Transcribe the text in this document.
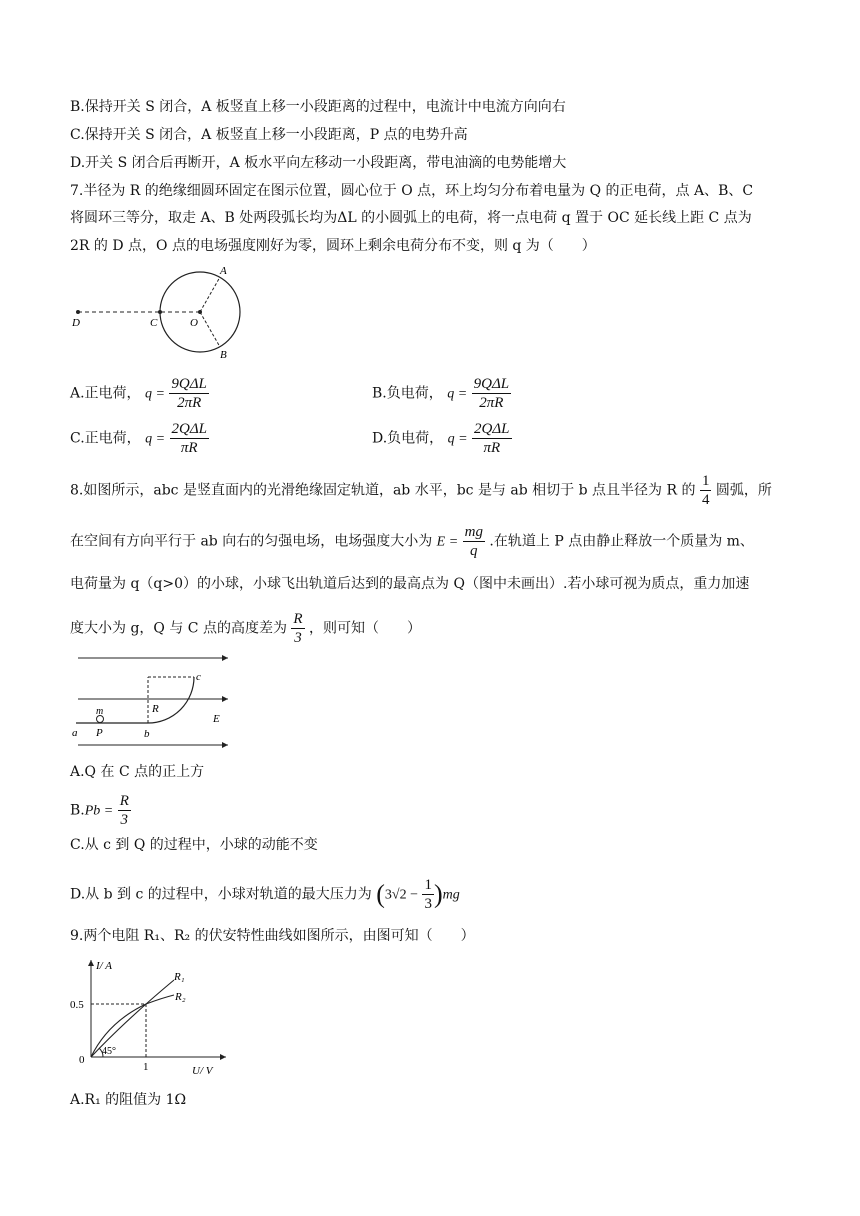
B.保持开关 S 闭合，A 板竖直上移一小段距离的过程中，电流计中电流方向向右
C.保持开关 S 闭合，A 板竖直上移一小段距离，P 点的电势升高
D.开关 S 闭合后再断开，A 板水平向左移动一小段距离，带电油滴的电势能增大
7.半径为 R 的绝缘细圆环固定在图示位置，圆心位于 O 点，环上均匀分布着电量为 Q 的正电荷，点 A、B、C
将圆环三等分，取走 A、B 处两段弧长均为ΔL 的小圆弧上的电荷，将一点电荷 q 置于 OC 延长线上距 C 点为
2R 的 D 点，O 点的电场强度刚好为零，圆环上剩余电荷分布不变，则 q 为（　　）
D	C	O
A
B
A.正电荷， $q = \frac{\text{9QΔL}}{2\pi R}$	B.负电荷， $q = \frac{\text{9QΔL}}{2\pi R}$
C.正电荷， $q = \frac{\text{2QΔL}}{\pi R}$	D.负电荷， $q = \frac{\text{2QΔL}}{\pi R}$
8.如图所示，abc 是竖直面内的光滑绝缘固定轨道，ab 水平，bc 是与 ab 相切于 b 点且半径为 R 的 $\frac{1}{4}$ 圆弧，所
在空间有方向平行于 ab 向右的匀强电场，电场强度大小为 $E = \frac{mg}{q}$ .在轨道上 P 点由静止释放一个质量为 m、
电荷量为 q（q>0）的小球，小球飞出轨道后达到的最高点为 Q（图中未画出）.若小球可视为质点，重力加速
度大小为 g，Q 与 C 点的高度差为 $\frac{R}{3}$ ，则可知（　　）
c
R
m
E
a P	b
A.Q 在 C 点的正上方
$B.Pb = \frac{R}{3}$
C.从 c 到 Q 的过程中，小球的动能不变
D.从 b 到 c 的过程中，小球对轨道的最大压力为 $(3√2 - \frac{1}{3} )mg$
9.两个电阻 R₁、R₂ 的伏安特性曲线如图所示，由图可知（　　）
I/ A
U/ V
0.5
1
0
45°
R₁
R₂
A.R₁ 的阻值为 1Ω
